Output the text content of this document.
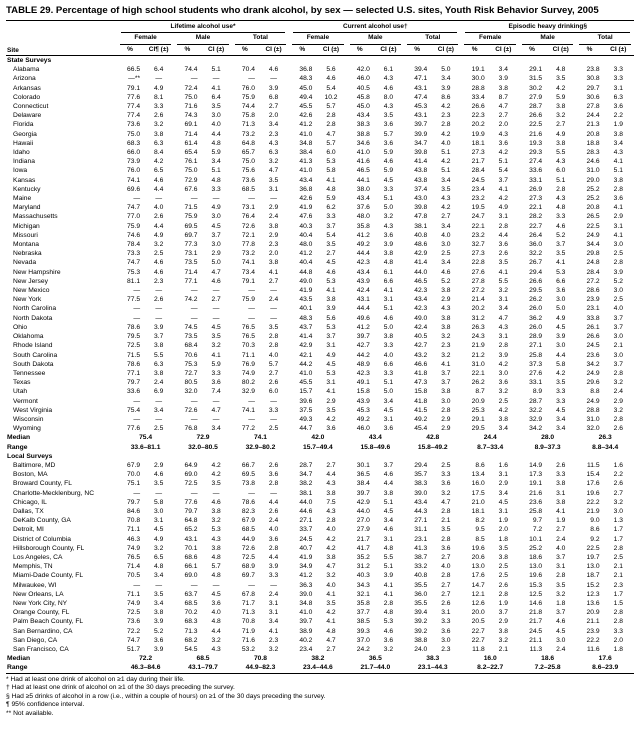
TABLE 29. Percentage of high school students who drank alcohol, by sex — selected U.S. sites, Youth Risk Behavior Survey, 2005
Site	Lifetime alcohol use*						Current alcohol use†						Episodic heavy drinking§					

	Female		Male		Total		Female		Male		Total		Female		Male		Total	

	%	CI¶ (±)	%	CI (±)	%	CI (±)	%	CI (±)	%	CI (±)	%	CI (±)	%	CI (±)	%	CI (±)	%	CI (±)
State Surveys																		
Alabama	66.5	6.4	74.4	5.1	70.4	4.6	36.8	5.6	42.0	6.1	39.4	5.0	19.1	3.4	29.1	4.8	23.8	3.3
Arizona	—**	—	—	—	—	—	48.3	4.6	46.0	4.3	47.1	3.4	30.0	3.9	31.5	3.5	30.8	3.3
Arkansas	79.1	4.9	72.4	4.1	76.0	3.9	45.0	5.4	40.5	4.6	43.1	3.9	28.8	3.8	30.2	4.2	29.7	3.1
Colorado	77.6	8.1	75.0	6.4	75.9	6.8	49.4	10.2	45.8	8.0	47.4	8.6	33.4	8.7	27.9	5.9	30.6	6.3
Connecticut	77.4	3.3	71.6	3.5	74.4	2.7	45.5	5.7	45.0	4.3	45.3	4.2	26.6	4.7	28.7	3.8	27.8	3.6
Delaware	77.4	2.6	74.3	3.0	75.8	2.0	42.6	2.8	43.4	3.5	43.1	2.3	22.3	2.7	26.6	3.2	24.4	2.2
Florida	73.6	3.2	69.1	4.0	71.3	3.4	41.2	2.8	38.3	3.6	39.7	2.8	20.2	2.0	22.5	2.7	21.3	1.9
Georgia	75.0	3.8	71.4	4.4	73.2	2.3	41.0	4.7	38.8	5.7	39.9	4.2	19.9	4.3	21.6	4.9	20.8	3.8
Hawaii	68.3	6.3	61.4	4.8	64.8	4.3	34.8	5.7	34.6	3.6	34.7	4.0	18.1	3.6	19.3	3.8	18.8	3.4
Idaho	66.0	8.4	65.4	5.9	65.7	6.3	38.4	6.0	41.0	5.9	39.8	5.1	27.3	4.2	29.3	5.5	28.3	4.3
Indiana	73.9	4.2	76.1	3.4	75.0	3.2	41.3	5.3	41.6	4.6	41.4	4.2	21.7	5.1	27.4	4.3	24.6	4.1
Iowa	76.0	6.5	75.0	5.1	75.6	4.7	41.0	5.8	46.5	5.9	43.8	5.1	28.4	5.4	33.6	6.0	31.0	5.1
Kansas	74.1	4.6	72.9	4.8	73.6	3.5	43.4	4.1	44.1	4.5	43.8	3.4	24.5	3.7	33.1	5.1	29.0	3.8
Kentucky	69.6	4.4	67.6	3.3	68.5	3.1	36.8	4.8	38.0	3.3	37.4	3.5	23.4	4.1	26.9	2.8	25.2	2.8
Maine	—	—	—	—	—	—	42.6	5.9	43.4	5.1	43.0	4.3	23.2	4.2	27.3	4.3	25.2	3.6
Maryland	74.7	4.0	71.5	4.9	73.1	2.9	41.9	6.2	37.6	5.0	39.8	4.2	19.5	4.9	22.1	4.8	20.8	4.1
Massachusetts	77.0	2.6	75.9	3.0	76.4	2.4	47.6	3.3	48.0	3.2	47.8	2.7	24.7	3.1	28.2	3.3	26.5	2.9
Michigan	75.9	4.4	69.5	4.5	72.6	3.8	40.3	3.7	35.8	4.3	38.1	3.4	22.1	2.8	22.7	4.6	22.5	3.1
Missouri	74.6	4.9	69.7	3.7	72.1	2.9	40.4	5.4	41.2	3.6	40.8	4.0	23.2	4.4	26.4	5.2	24.9	4.1
Montana	78.4	3.2	77.3	3.0	77.8	2.3	48.0	3.5	49.2	3.9	48.6	3.0	32.7	3.6	36.0	3.7	34.4	3.0
Nebraska	73.3	2.5	73.1	2.9	73.2	2.0	41.2	2.7	44.4	3.8	42.9	2.5	27.3	2.6	32.2	3.5	29.8	2.5
Nevada	74.7	4.6	73.5	5.0	74.1	3.8	40.4	4.5	42.3	4.8	41.4	3.4	22.8	3.5	26.7	4.1	24.8	2.8
New Hampshire	75.3	4.6	71.4	4.7	73.4	4.1	44.8	4.6	43.4	6.1	44.0	4.6	27.6	4.1	29.4	5.3	28.4	3.9
New Jersey	81.1	2.3	77.1	4.6	79.1	2.7	49.0	5.3	43.9	6.6	46.5	5.2	27.8	5.5	26.6	6.6	27.2	5.2
New Mexico	—	—	—	—	—	—	41.9	4.1	42.4	4.1	42.3	3.8	27.2	3.2	29.5	3.6	28.6	3.0
New York	77.5	2.6	74.2	2.7	75.9	2.4	43.5	3.8	43.1	3.1	43.4	2.9	21.4	3.1	26.2	3.0	23.9	2.5
North Carolina	—	—	—	—	—	—	40.1	3.9	44.4	5.1	42.3	4.3	20.2	3.4	26.0	5.0	23.1	4.0
North Dakota	—	—	—	—	—	—	48.3	5.6	49.6	4.6	49.0	3.8	31.2	4.7	36.2	4.9	33.8	3.7
Ohio	78.6	3.9	74.5	4.5	76.5	3.5	43.7	5.3	41.2	5.0	42.4	3.8	26.3	4.3	26.0	4.5	26.1	3.7
Oklahoma	79.5	3.7	73.5	3.5	76.5	2.8	41.4	3.7	39.7	3.8	40.5	3.2	24.3	3.1	28.9	3.9	26.6	3.0
Rhode Island	72.5	3.8	68.4	3.2	70.3	2.8	42.9	3.1	42.7	3.3	42.7	2.3	21.9	2.8	27.1	3.0	24.5	2.1
South Carolina	71.5	5.5	70.6	4.1	71.1	4.0	42.1	4.9	44.2	4.0	43.2	3.2	21.2	3.9	25.8	4.4	23.6	3.0
South Dakota	78.6	6.3	75.3	5.9	76.9	5.7	44.2	4.5	48.9	6.6	46.6	4.1	31.0	4.2	37.3	5.8	34.2	3.7
Tennessee	77.1	3.8	72.7	3.3	74.9	2.7	41.0	5.3	42.3	3.3	41.8	3.7	22.1	3.0	27.6	4.2	24.9	2.8
Texas	79.7	2.4	80.5	3.6	80.2	2.6	45.5	3.1	49.1	5.1	47.3	3.7	26.2	3.6	33.1	3.5	29.6	3.2
Utah	33.6	6.9	32.0	7.4	32.9	6.0	15.7	4.1	15.8	5.0	15.8	3.8	8.7	3.2	8.9	3.3	8.8	2.4
Vermont	—	—	—	—	—	—	39.6	2.9	43.9	3.4	41.8	3.0	20.9	2.5	28.7	3.3	24.9	2.9
West Virginia	75.4	3.4	72.6	4.7	74.1	3.3	37.5	3.5	45.3	4.5	41.5	2.8	25.3	4.2	32.2	4.5	28.8	3.2
Wisconsin	—	—	—	—	—	—	49.3	4.2	49.2	3.1	49.2	2.9	29.1	3.8	32.9	3.4	31.0	2.8
Wyoming	77.6	2.5	76.8	3.4	77.2	2.5	44.7	3.6	46.0	3.6	45.4	2.9	29.5	3.4	34.2	3.4	32.0	2.6
Median	75.4		72.9		74.1		42.0		43.4		42.8		24.4		28.0		26.3	
Range	33.6–81.1		32.0–80.5		32.9–80.2		15.7–49.4		15.8–49.6		15.8–49.2		8.7–33.4		8.9–37.3		8.8–34.4	
Local Surveys																		
Baltimore, MD	67.9	2.9	64.9	4.2	66.7	2.6	28.7	2.7	30.1	3.7	29.4	2.5	8.6	1.6	14.9	2.6	11.5	1.6
Boston, MA	70.0	4.6	69.0	4.2	69.5	3.6	34.7	4.4	36.5	4.6	35.7	3.3	13.4	3.1	17.3	3.3	15.4	2.2
Broward County, FL	75.1	3.5	72.5	3.5	73.8	2.8	38.2	4.3	38.4	4.4	38.3	3.6	16.0	2.9	19.1	3.8	17.6	2.6
Charlotte-Mecklenburg, NC	—	—	—	—	—	—	38.1	3.8	39.7	3.8	39.0	3.2	17.5	3.4	21.6	3.1	19.6	2.7
Chicago, IL	79.7	5.8	77.6	4.6	78.6	4.4	44.0	7.5	42.9	5.1	43.4	4.7	21.0	4.5	23.6	3.8	22.2	3.2
Dallas, TX	84.6	3.0	79.7	3.8	82.3	2.6	44.6	4.3	44.0	4.5	44.3	2.8	18.1	3.1	25.8	4.1	21.9	3.0
DeKalb County, GA	70.8	3.1	64.8	3.2	67.9	2.4	27.1	2.8	27.0	3.4	27.1	2.1	8.2	1.9	9.7	1.9	9.0	1.3
Detroit, MI	71.1	4.5	65.2	5.3	68.5	4.0	33.7	4.0	27.9	4.6	31.1	3.5	9.5	2.0	7.2	2.7	8.6	1.7
District of Columbia	46.3	4.9	43.1	4.3	44.9	3.6	24.5	4.2	21.7	3.1	23.1	2.8	8.5	1.8	10.1	2.4	9.2	1.7
Hillsborough County, FL	74.9	3.2	70.1	3.8	72.6	2.8	40.7	4.2	41.7	4.8	41.3	3.6	19.6	3.5	25.2	4.0	22.5	2.8
Los Angeles, CA	76.5	6.5	68.6	4.8	72.5	4.4	41.9	3.8	35.2	5.5	38.7	2.7	20.6	3.8	18.6	3.7	19.7	2.5
Memphis, TN	71.4	4.8	66.1	5.7	68.9	3.9	34.9	4.7	31.2	5.1	33.2	4.0	13.0	2.5	13.0	3.1	13.0	2.1
Miami-Dade County, FL	70.5	3.4	69.0	4.8	69.7	3.3	41.2	3.2	40.3	3.9	40.8	2.8	17.6	2.5	19.6	2.8	18.7	2.1
Milwaukee, WI	—	—	—	—	—	—	36.3	4.0	34.3	4.1	35.5	2.7	14.7	2.6	15.3	3.5	15.2	2.3
New Orleans, LA	71.1	3.5	63.7	4.5	67.8	2.4	39.0	4.1	32.1	4.1	36.0	2.7	12.1	2.8	12.5	3.2	12.3	1.7
New York City, NY	74.9	3.4	68.5	3.6	71.7	3.1	34.8	3.5	35.8	2.8	35.5	2.6	12.6	1.9	14.6	1.8	13.6	1.5
Orange County, FL	72.5	3.8	70.2	4.0	71.3	3.1	41.0	4.2	37.7	4.8	39.4	3.1	20.0	3.7	21.8	3.7	20.9	2.8
Palm Beach County, FL	73.6	3.9	68.3	4.8	70.8	3.4	39.7	4.1	38.5	5.3	39.2	3.3	20.5	2.9	21.7	4.6	21.1	2.8
San Bernardino, CA	72.2	5.2	71.3	4.4	71.9	4.1	38.9	4.8	39.3	4.6	39.2	3.6	22.7	3.8	24.5	4.5	23.9	3.3
San Diego, CA	74.7	3.6	68.2	3.2	71.6	2.3	40.2	4.7	37.0	3.6	38.8	3.0	22.7	3.2	21.1	3.0	22.2	2.0
San Francisco, CA	51.7	3.9	54.5	4.3	53.2	3.2	23.4	2.7	24.2	3.2	24.0	2.3	11.8	2.1	11.3	2.4	11.6	1.8
Median	72.2		68.5		70.8		38.2		36.5		38.3		16.0		18.6		17.6	
Range	46.3–84.6		43.1–79.7		44.9–82.3		23.4–44.6		21.7–44.0		23.1–44.3		8.2–22.7		7.2–25.8		8.6–23.9	
* Had at least one drink of alcohol on ≥1 day during their life.
† Had at least one drink of alcohol on ≥1 of the 30 days preceding the survey.
§ Had ≥5 drinks of alcohol in a row (i.e., within a couple of hours) on ≥1 of the 30 days preceding the survey.
¶ 95% confidence interval.
** Not available.
